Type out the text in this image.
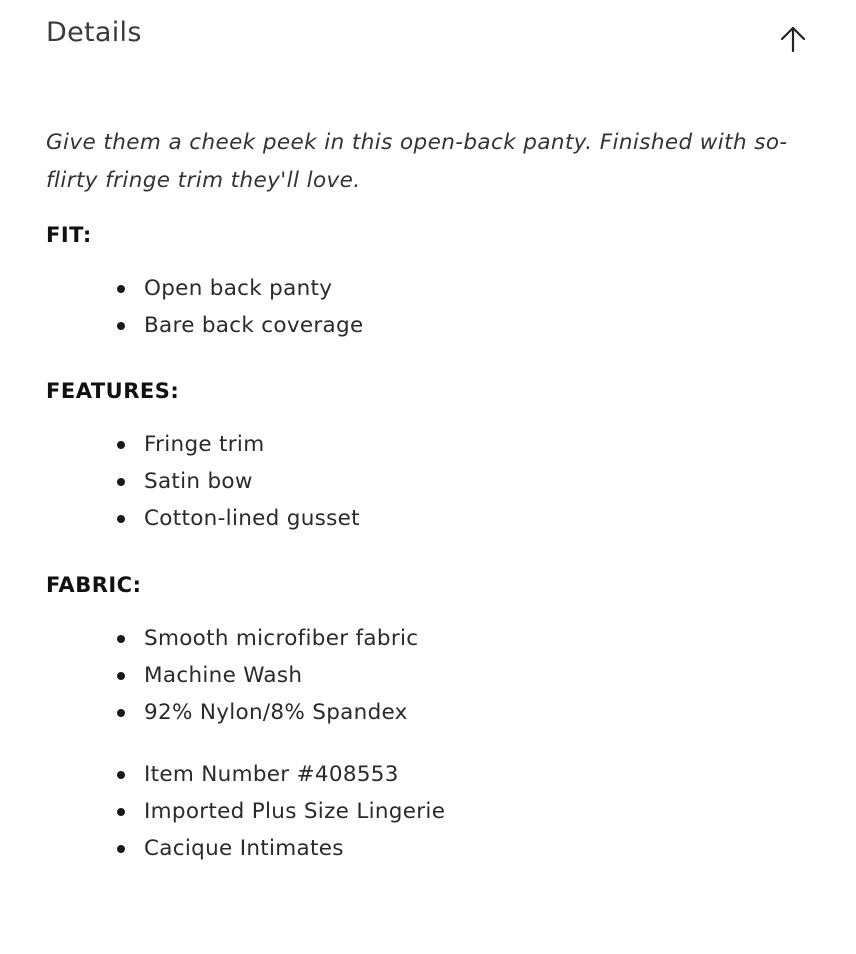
Details

Give them a cheek peek in this open-back panty. Finished with so-flirty fringe trim they'll love.

FIT:
Open back panty
Bare back coverage
FEATURES:
Fringe trim
Satin bow
Cotton-lined gusset
FABRIC:
Smooth microfiber fabric
Machine Wash
92% Nylon/8% Spandex
Item Number #408553
Imported Plus Size Lingerie
Cacique Intimates
